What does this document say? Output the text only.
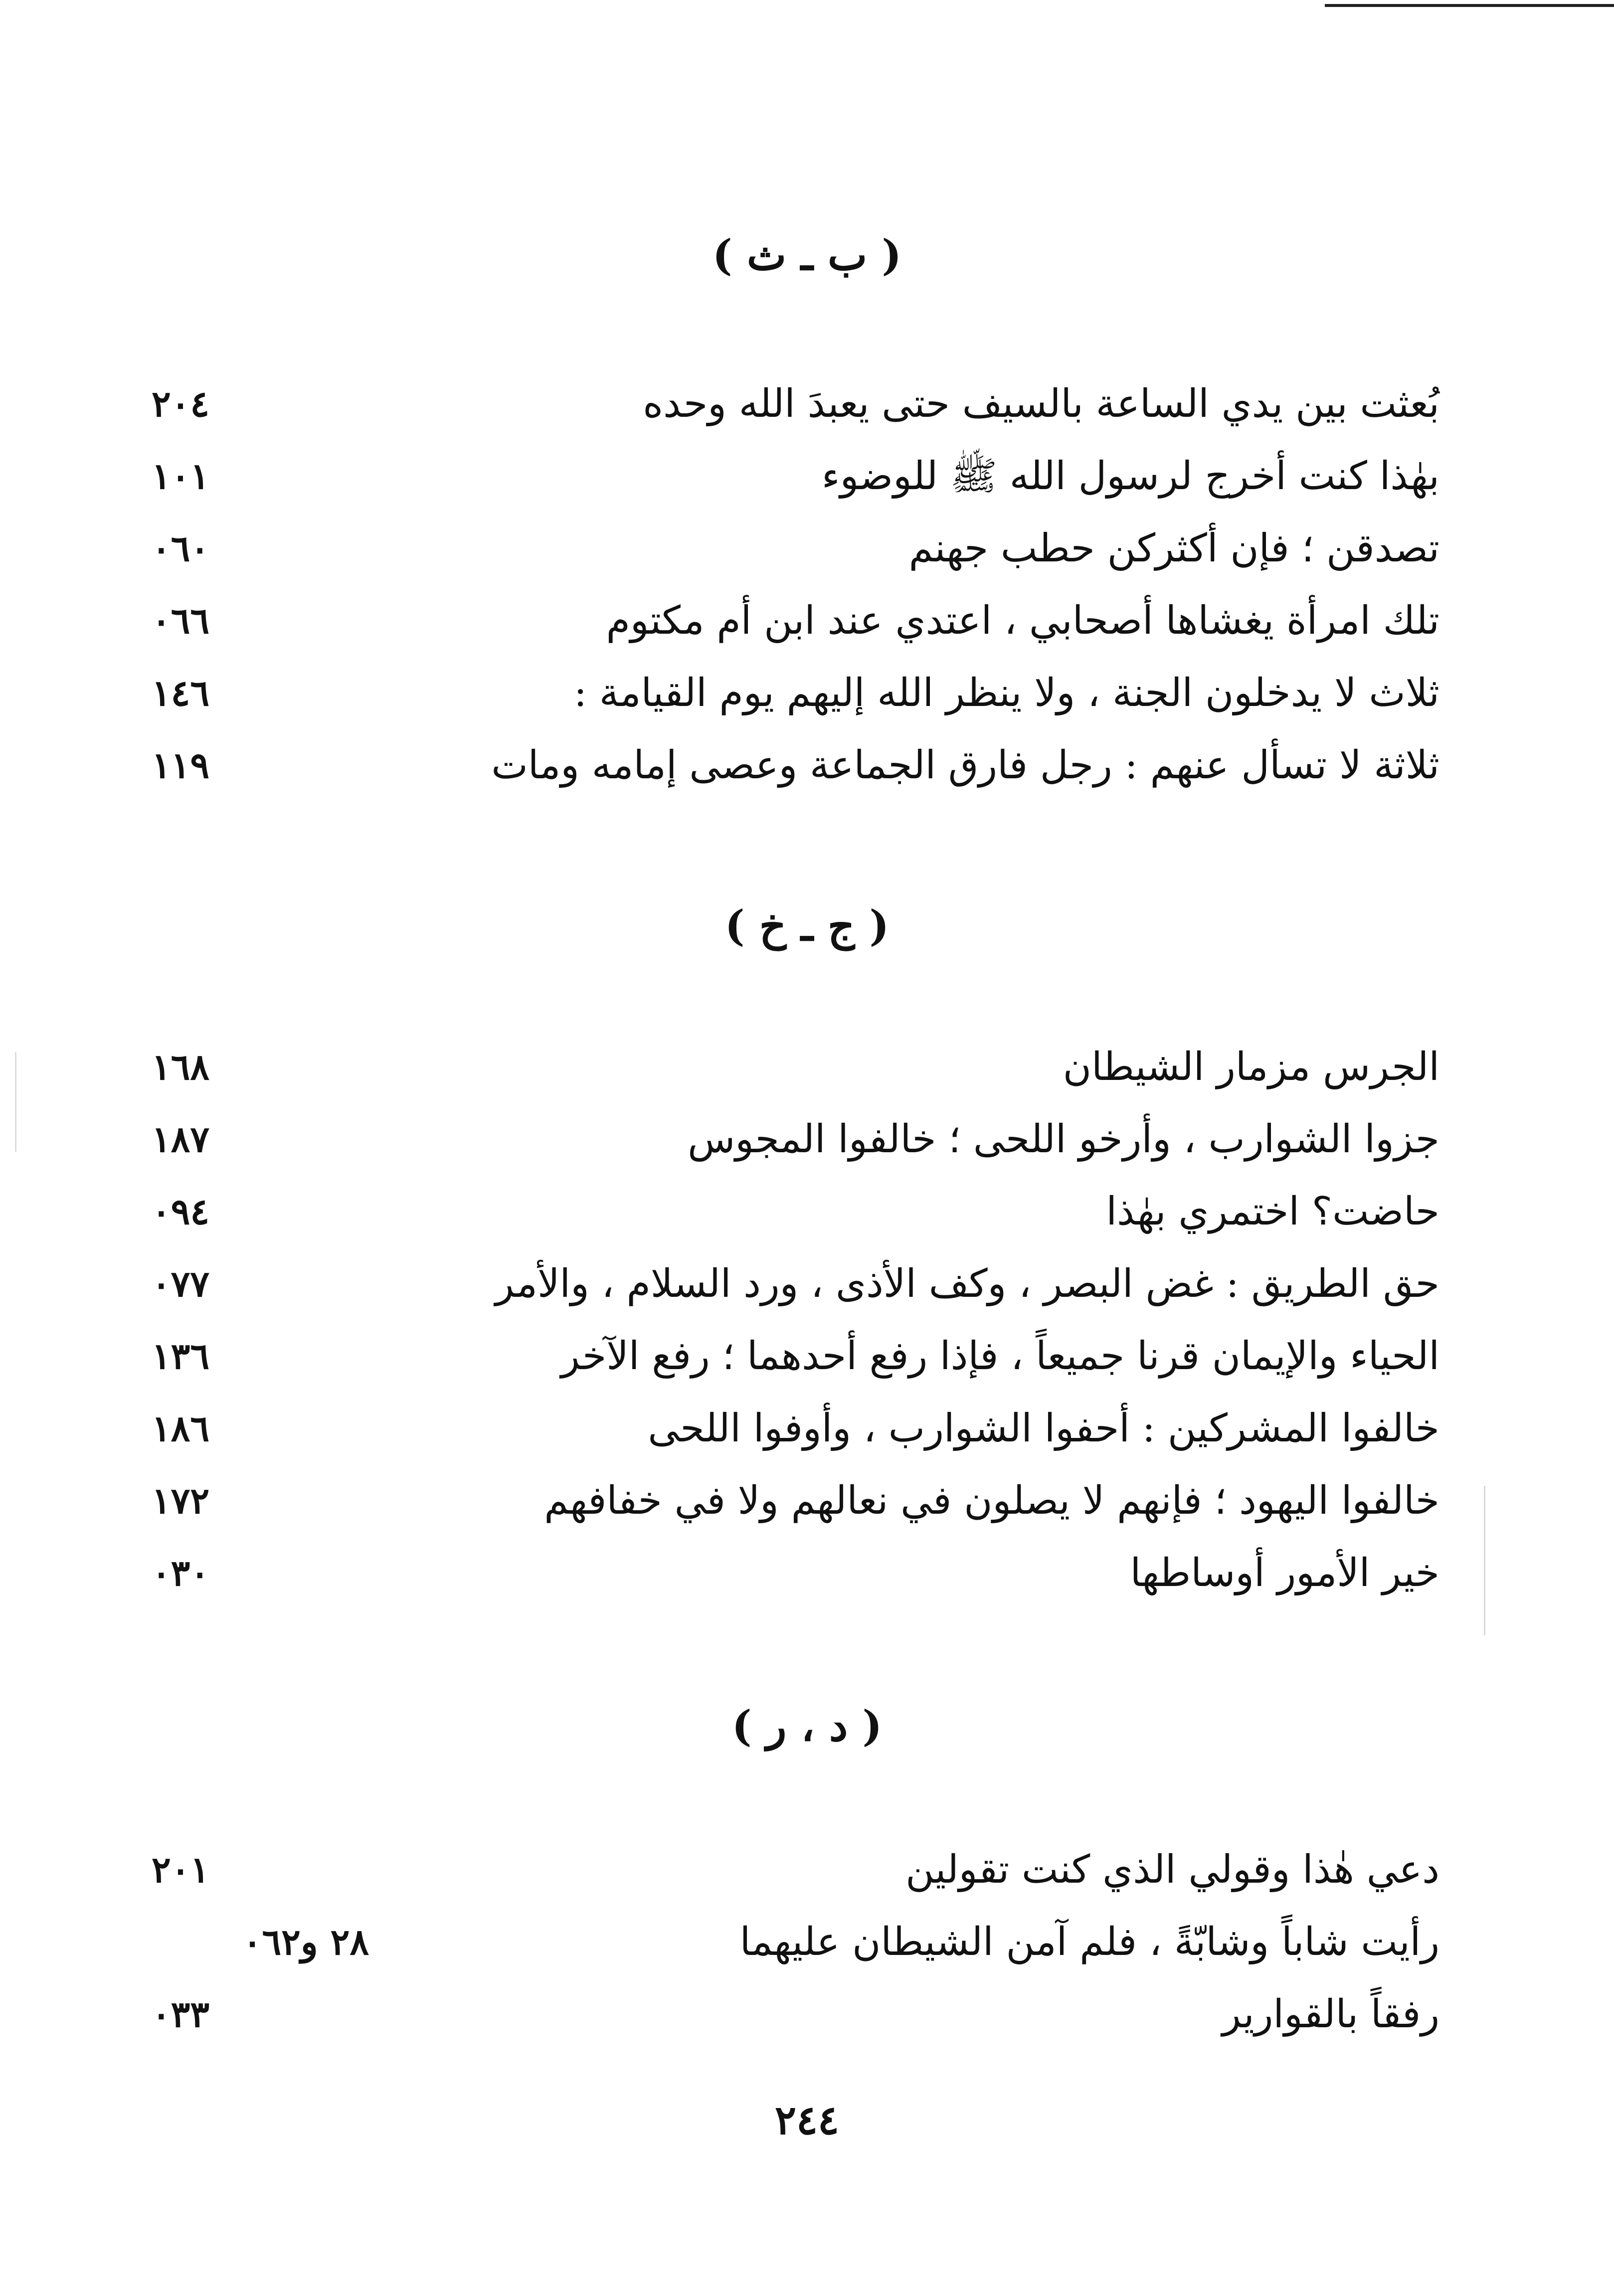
( ب ـ ث )
بُعثت بين يدي الساعة بالسيف حتى يعبدَ الله وحده
٢٠٤
بهٰذا كنت أخرج لرسول الله ﷺ للوضوء
١٠١
تصدقن ؛ فإن أكثركن حطب جهنم
٠٦٠
تلك امرأة يغشاها أصحابي ، اعتدي عند ابن أم مكتوم
٠٦٦
ثلاث لا يدخلون الجنة ، ولا ينظر الله إليهم يوم القيامة :
١٤٦
ثلاثة لا تسأل عنهم : رجل فارق الجماعة وعصى إمامه ومات
١١٩
( ج ـ خ )
الجرس مزمار الشيطان
١٦٨
جزوا الشوارب ، وأرخو اللحى ؛ خالفوا المجوس
١٨٧
حاضت؟ اختمري بهٰذا
٠٩٤
حق الطريق : غض البصر ، وكف الأذى ، ورد السلام ، والأمر
٠٧٧
الحياء والإيمان قرنا جميعاً ، فإذا رفع أحدهما ؛ رفع الآخر
١٣٦
خالفوا المشركين : أحفوا الشوارب ، وأوفوا اللحى
١٨٦
خالفوا اليهود ؛ فإنهم لا يصلون في نعالهم ولا في خفافهم
١٧٢
خير الأمور أوساطها
٠٣٠
( د ، ر )
دعي هٰذا وقولي الذي كنت تقولين
٢٠١
رأيت شاباً وشابّةً ، فلم آمن الشيطان عليهما
٢٨ و٠٦٢
رفقاً بالقوارير
٠٣٣
٢٤٤
